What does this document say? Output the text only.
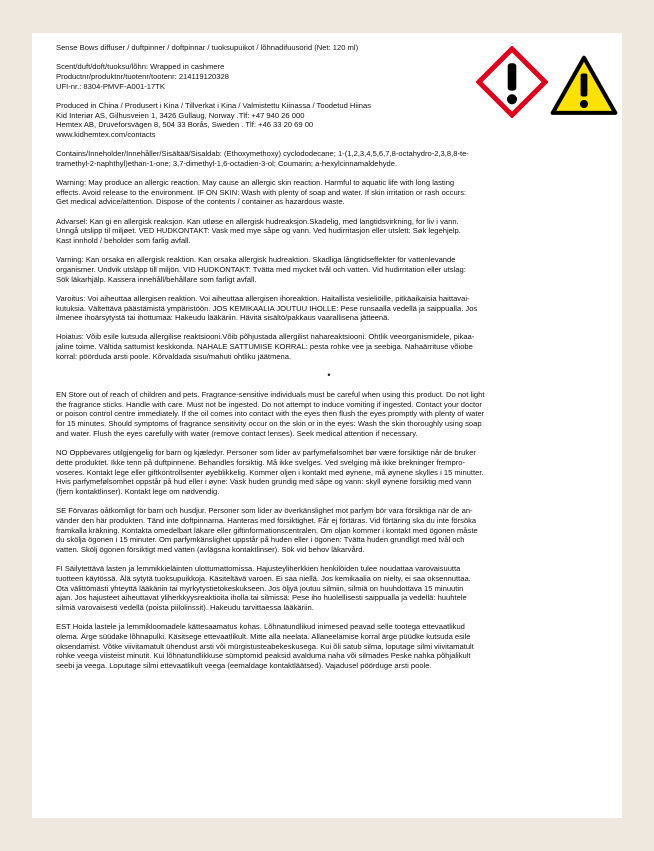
Sense Bows diffuser / duftpinner / doftpinnar / tuoksupuikot / lõhnadifuusorid (Net: 120 ml)
Scent/duft/doft/tuoksu/lõhn: Wrapped in cashmere
Productnr/produktnr/tuotenr/tootenr: 214119120328
UFI-nr.: 8304-PMVF-A001-17TK
Produced in China / Produsert i Kina / Tillverkat i Kina / Valmistettu Kiinassa / Toodetud Hiinas
Kid Interiør AS, Gilhusveien 1, 3426 Gullaug, Norway .Tlf: +47 940 26 000
Hemtex AB, Druveforsvägen 8, 504 33 Borås, Sweden . Tlf: +46 33 20 69 00
www.kidhemtex.com/contacts
Contains/Inneholder/Innehåller/Sisältää/Sisaldab: (Ethoxymethoxy) cyclododecane; 1-(1,2,3,4,5,6,7,8-octahydro-2,3,8,8-te-
tramethyl-2-naphthyl)ethan-1-one; 3,7-dimethyl-1,6-octadien-3-ol; Coumarin; a-hexylcinnamaldehyde.
Warning: May produce an allergic reaction. May cause an allergic skin reaction. Harmful to aquatic life with long lasting
effects. Avoid release to the environment. IF ON SKIN: Wash with plenty of soap and water. If skin irritation or rash occurs:
Get medical advice/attention. Dispose of the contents / container as hazardous waste.
Advarsel: Kan gi en allergisk reaksjon. Kan utløse en allergisk hudreaksjon.Skadelig, med langtidsvirkning, for liv i vann.
Unngå utslipp til miljøet. VED HUDKONTAKT: Vask med mye såpe og vann. Ved hudirritasjon eller utslett: Søk legehjelp.
Kast innhold / beholder som farlig avfall.
Varning: Kan orsaka en allergisk reaktion. Kan orsaka allergisk hudreaktion. Skadliga långtidseffekter för vattenlevande
organismer. Undvik utsläpp till miljön. VID HUDKONTAKT: Tvätta med mycket tvål och vatten. Vid hudirritation eller utslag:
Sök läkarhjälp. Kassera innehåll/behållare som farligt avfall.
Varoitus: Voi aiheuttaa allergisen reaktion. Voi aiheuttaa allergisen ihoreaktion. Haitallista vesieliöille, pitkäaikaisia haittavai-
kutuksia. Vältettävä päästämistä ympäristöön. JOS KEMIKAALIA JOUTUU IHOLLE: Pese runsaalla vedellä ja saippualla. Jos
ilmenee ihoärsytystä tai ihottumaa: Hakeudu lääkäriin. Hävitä sisältö/pakkaus vaarallisena jätteenä.
Hoiatus: Võib esile kutsuda allergilise reaktsiooni.Võib põhjustada allergilist nahareaktsiooni. Ohtlik veeorganismidele, pikaa-
jaline toime. Vältida sattumist keskkonda. NAHALE SATTUMISE KORRAL: pesta rohke vee ja seebiga. Nahaärrituse võiobe
korral: pöörduda arsti poole. Kõrvaldada sisu/mahuti ohtliku jäätmena.
•
EN Store out of reach of children and pets. Fragrance-sensitive individuals must be careful when using this product. Do not light
the fragrance sticks. Handle with care. Must not be ingested. Do not attempt to induce vomiting if ingested. Contact your doctor
or poison control centre immediately. If the oil comes into contact with the eyes then flush the eyes promptly with plenty of water
for 15 minutes. Should symptoms of fragrance sensitivity occur on the skin or in the eyes: Wash the skin thoroughly using soap
and water. Flush the eyes carefully with water (remove contact lenses). Seek medical attention if necessary.
NO Oppbevares utilgjengelig for barn og kjæledyr. Personer som lider av parfymefølsomhet bør være forsiktige når de bruker
dette produktet. Ikke tenn på duftpinnene. Behandles forsiktig. Må ikke svelges. Ved svelging må ikke brekninger frempro-
voseres. Kontakt lege eller giftkontrollsenter øyeblikkelig. Kommer oljen i kontakt med øynene, må øynene skylles i 15 minutter.
Hvis parfymefølsomhet oppstår på hud eller i øyne: Vask huden grundig med såpe og vann: skyll øynene forsiktig med vann
(fjern kontaktlinser). Kontakt lege om nødvendig.
SE Förvaras oåtkomligt för barn och husdjur. Personer som lider av överkänslighet mot parfym bör vara försiktiga när de an-
vänder den här produkten. Tänd inte doftpinnarna. Hanteras med försiktighet. Får ej förtäras. Vid förtäring ska du inte försöka
framkalla kräkning. Kontakta omedelbart läkare eller giftinformationscentralen. Om oljan kommer i kontakt med ögonen måste
du skölja ögonen i 15 minuter. Om parfymkänslighet uppstår på huden eller i ögonen: Tvätta huden grundligt med tvål och
vatten. Skölj ögonen försiktigt med vatten (avlägsna kontaktlinser). Sök vid behov läkarvård.
FI Säilytettävä lasten ja lemmikkieläinten ulottumattomissa. Hajusteyliherkkien henkilöiden tulee noudattaa varovaisuutta
tuotteen käytössä. Älä sytytä tuoksupuikkoja. Käsiteltävä varoen. Ei saa niellä. Jos kemikaalia on nielty, ei saa oksennuttaa.
Ota välittömästi yhteyttä lääkäriin tai myrkytystietokeskukseen. Jos öljyä joutuu silmiin, silmiä on huuhdottava 15 minuutin
ajan. Jos hajusteet aiheuttavat yliherkkyysreaktioita iholla tai silmissä: Pese iho huolellisesti saippualla ja vedellä: huuhtele
silmiä varovaisesti vedellä (poista piilolinssit). Hakeudu tarvittaessa lääkäriin.
EST Hoida lastele ja lemmikloomadele kättesaamatus kohas. Lõhnatundlikud inimesed peavad selle tootega ettevaatlikud
olema. Ärge süüdake lõhnapulki. Käsitsege ettevaatlikult. Mitte alla neelata. Allaneelamise korral ärge püüdke kutsuda esile
oksendamist. Võtke viivitamatult ühendust arsti või mürgistusteabekeskusega. Kui õli satub silma, loputage silmi viivitamatult
rohke veega viisteist minutit. Kui lõhnatundlikkuse sümptomid peaksid avalduma naha või silmades Peske nahka põhjalikult
seebi ja veega. Loputage silmi ettevaatlikult veega (eemaldage kontaktläätsed). Vajadusel pöörduge arsti poole.
